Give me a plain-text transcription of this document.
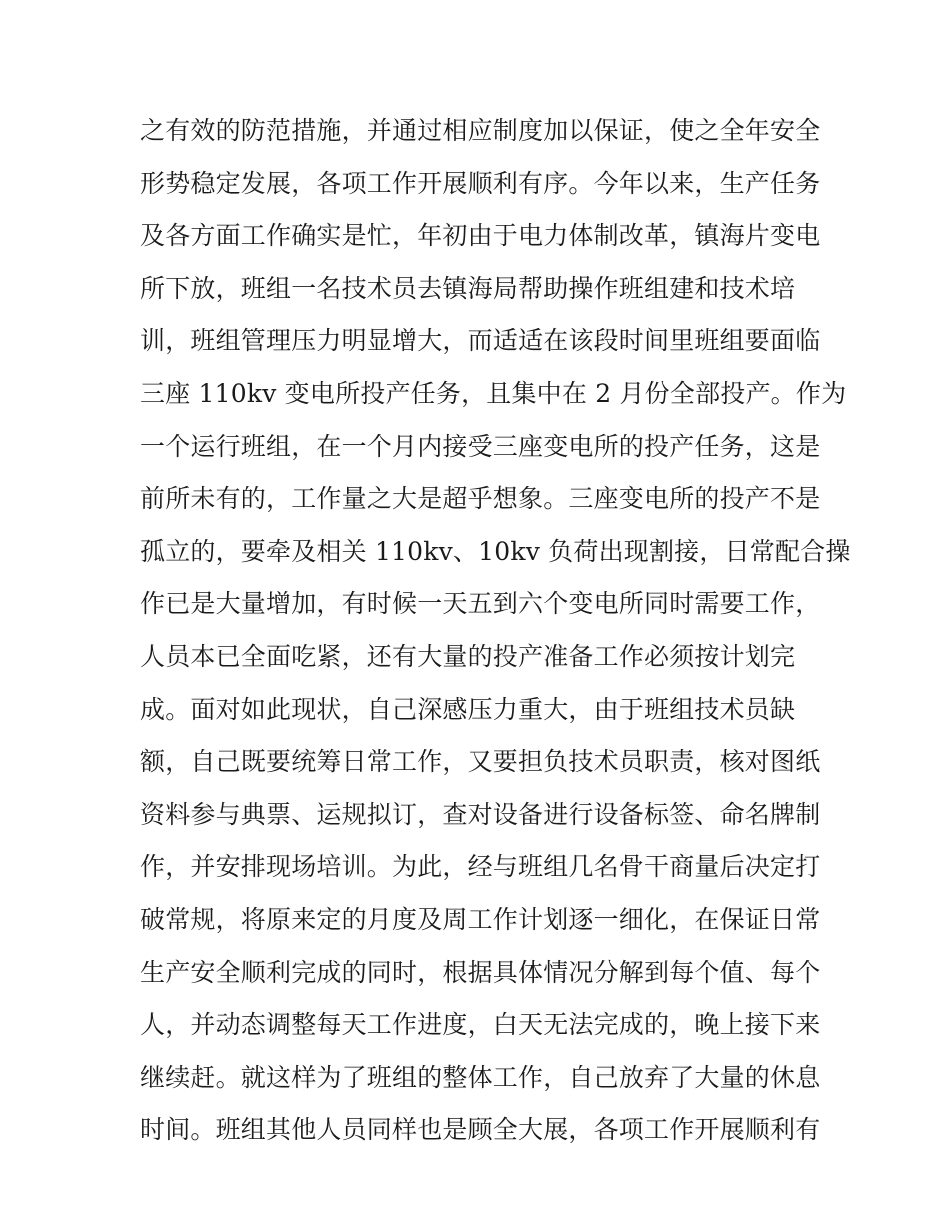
之有效的防范措施，并通过相应制度加以保证，使之全年安全
形势稳定发展，各项工作开展顺利有序。今年以来，生产任务
及各方面工作确实是忙，年初由于电力体制改革，镇海片变电
所下放，班组一名技术员去镇海局帮助操作班组建和技术培
训，班组管理压力明显增大，而适适在该段时间里班组要面临
三座 110kv 变电所投产任务，且集中在 2 月份全部投产。作为
一个运行班组，在一个月内接受三座变电所的投产任务，这是
前所未有的，工作量之大是超乎想象。三座变电所的投产不是
孤立的，要牵及相关 110kv、10kv 负荷出现割接，日常配合操
作已是大量增加，有时候一天五到六个变电所同时需要工作，
人员本已全面吃紧，还有大量的投产准备工作必须按计划完
成。面对如此现状，自己深感压力重大，由于班组技术员缺
额，自己既要统筹日常工作，又要担负技术员职责，核对图纸
资料参与典票、运规拟订，查对设备进行设备标签、命名牌制
作，并安排现场培训。为此，经与班组几名骨干商量后决定打
破常规，将原来定的月度及周工作计划逐一细化，在保证日常
生产安全顺利完成的同时，根据具体情况分解到每个值、每个
人，并动态调整每天工作进度，白天无法完成的，晚上接下来
继续赶。就这样为了班组的整体工作，自己放弃了大量的休息
时间。班组其他人员同样也是顾全大展，各项工作开展顺利有
